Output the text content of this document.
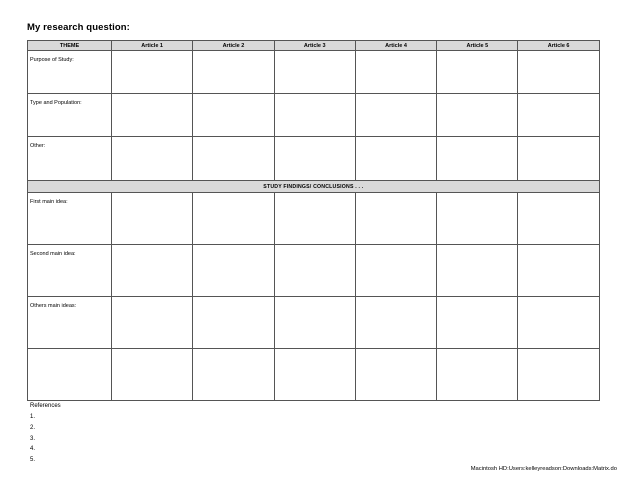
My research question:
THEME	Article 1	Article 2	Article 3	Article 4	Article 5	Article 6

Purpose of Study:						

Type and Population:						

Other:						

STUDY FINDINGS/ CONCLUSIONS . . .						

First main idea:						

Second main idea:						

Others main ideas:						

References
1.
2.
3.
4.
5.
Macintosh HD:Users:kelleyreadson:Downloads:Matrix.do
